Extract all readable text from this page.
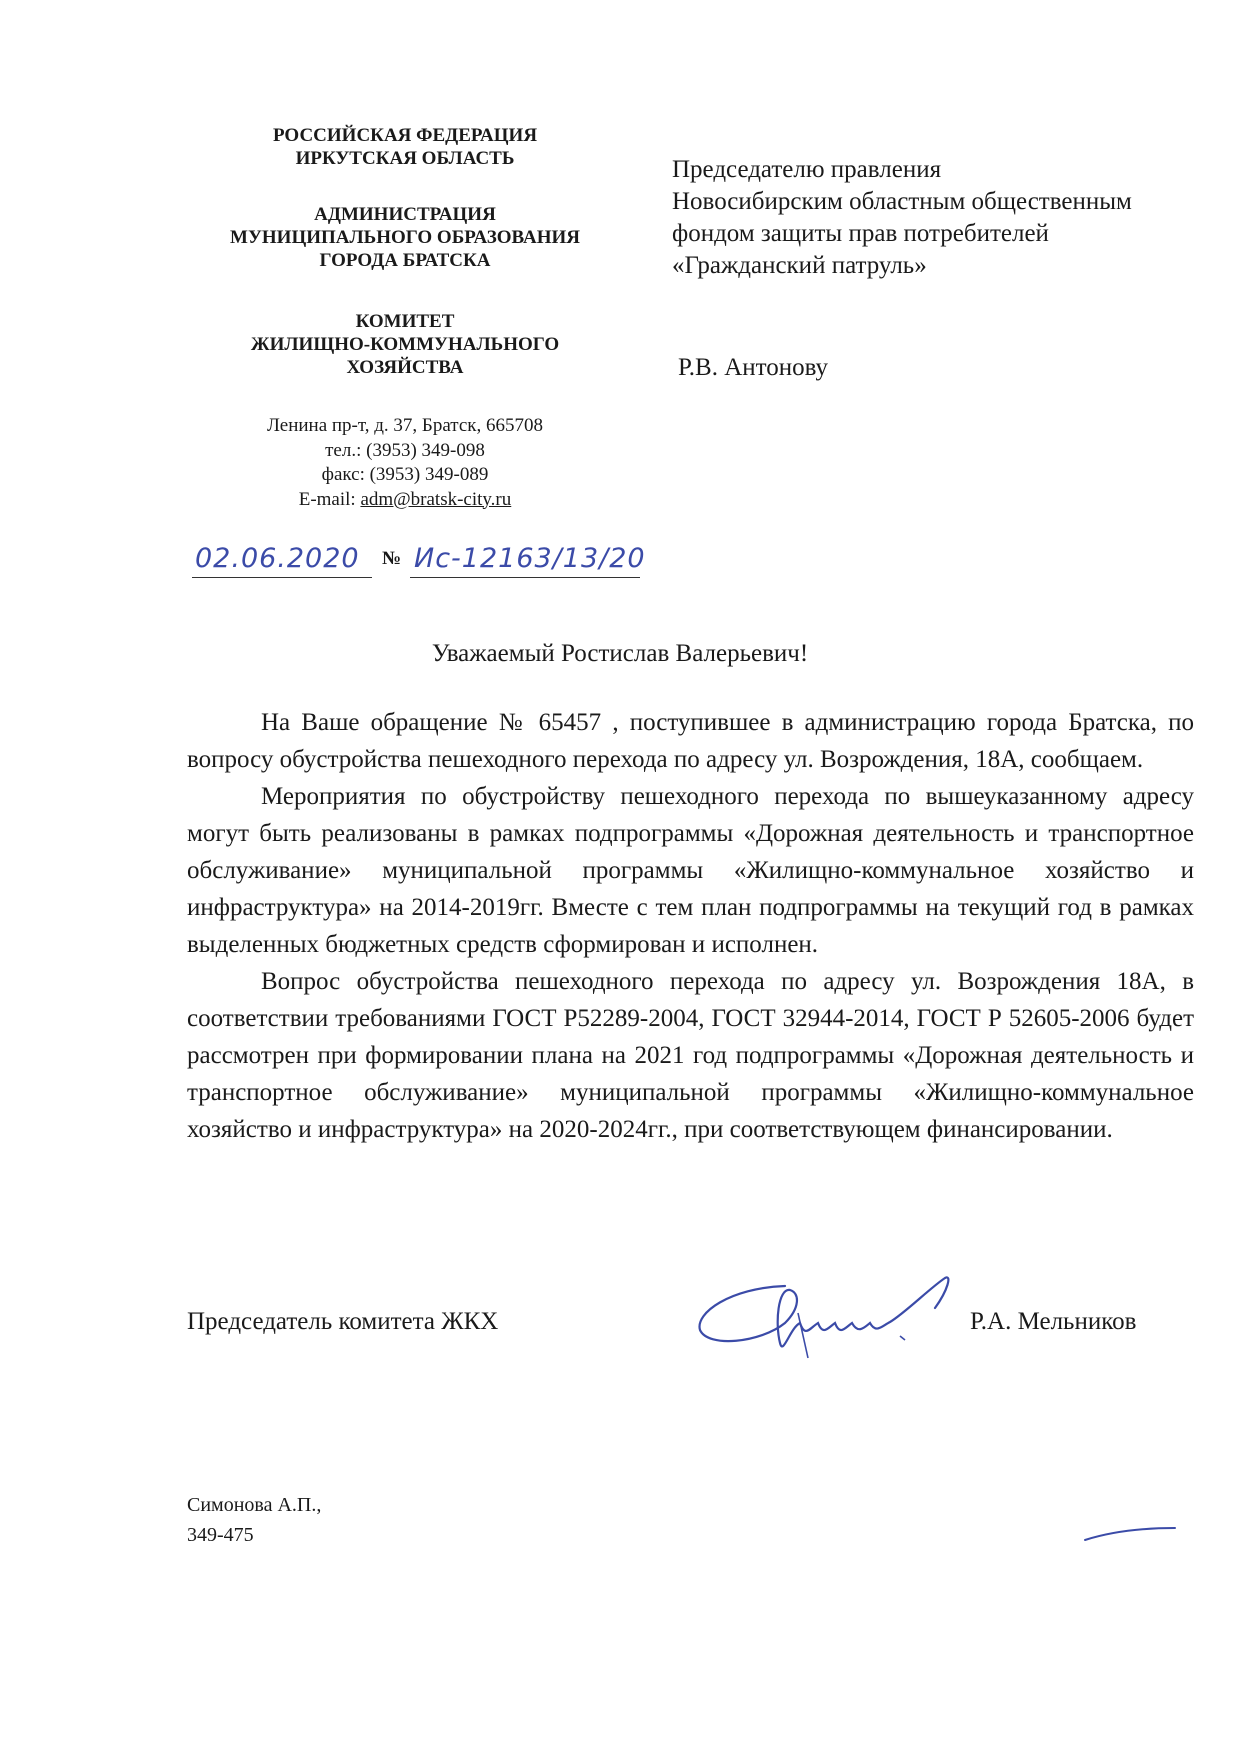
РОССИЙСКАЯ ФЕДЕРАЦИЯ
ИРКУТСКАЯ ОБЛАСТЬ
АДМИНИСТРАЦИЯ
МУНИЦИПАЛЬНОГО ОБРАЗОВАНИЯ
ГОРОДА БРАТСКА
КОМИТЕТ
ЖИЛИЩНО-КОММУНАЛЬНОГО
ХОЗЯЙСТВА
Ленина пр-т, д. 37, Братск, 665708
тел.: (3953) 349-098
факс: (3953) 349-089
E-mail: adm@bratsk-city.ru
02.06.2020 № Ис-12163/13/20
Председателю правления
Новосибирским областным общественным
фондом защиты прав потребителей
«Гражданский патруль»
Р.В. Антонову
Уважаемый Ростислав Валерьевич!

На Ваше обращение № 65457 , поступившее в администрацию города Братска, по вопросу обустройства пешеходного перехода по адресу ул. Возрождения, 18А, сообщаем.

Мероприятия по обустройству пешеходного перехода по вышеуказанному адресу могут быть реализованы в рамках подпрограммы «Дорожная деятельность и транспортное обслуживание» муниципальной программы «Жилищно-коммунальное хозяйство и инфраструктура» на 2014-2019гг. Вместе с тем план подпрограммы на текущий год в рамках выделенных бюджетных средств сформирован и исполнен.

Вопрос обустройства пешеходного перехода по адресу ул. Возрождения 18А, в соответствии требованиями ГОСТ Р52289-2004, ГОСТ 32944-2014, ГОСТ Р 52605-2006 будет рассмотрен при формировании плана на 2021 год подпрограммы «Дорожная деятельность и транспортное обслуживание» муниципальной программы «Жилищно-коммунальное хозяйство и инфраструктура» на 2020-2024гг., при соответствующем финансировании.

Председатель комитета ЖКХ	Р.А. Мельников
Симонова А.П.,
349-475
